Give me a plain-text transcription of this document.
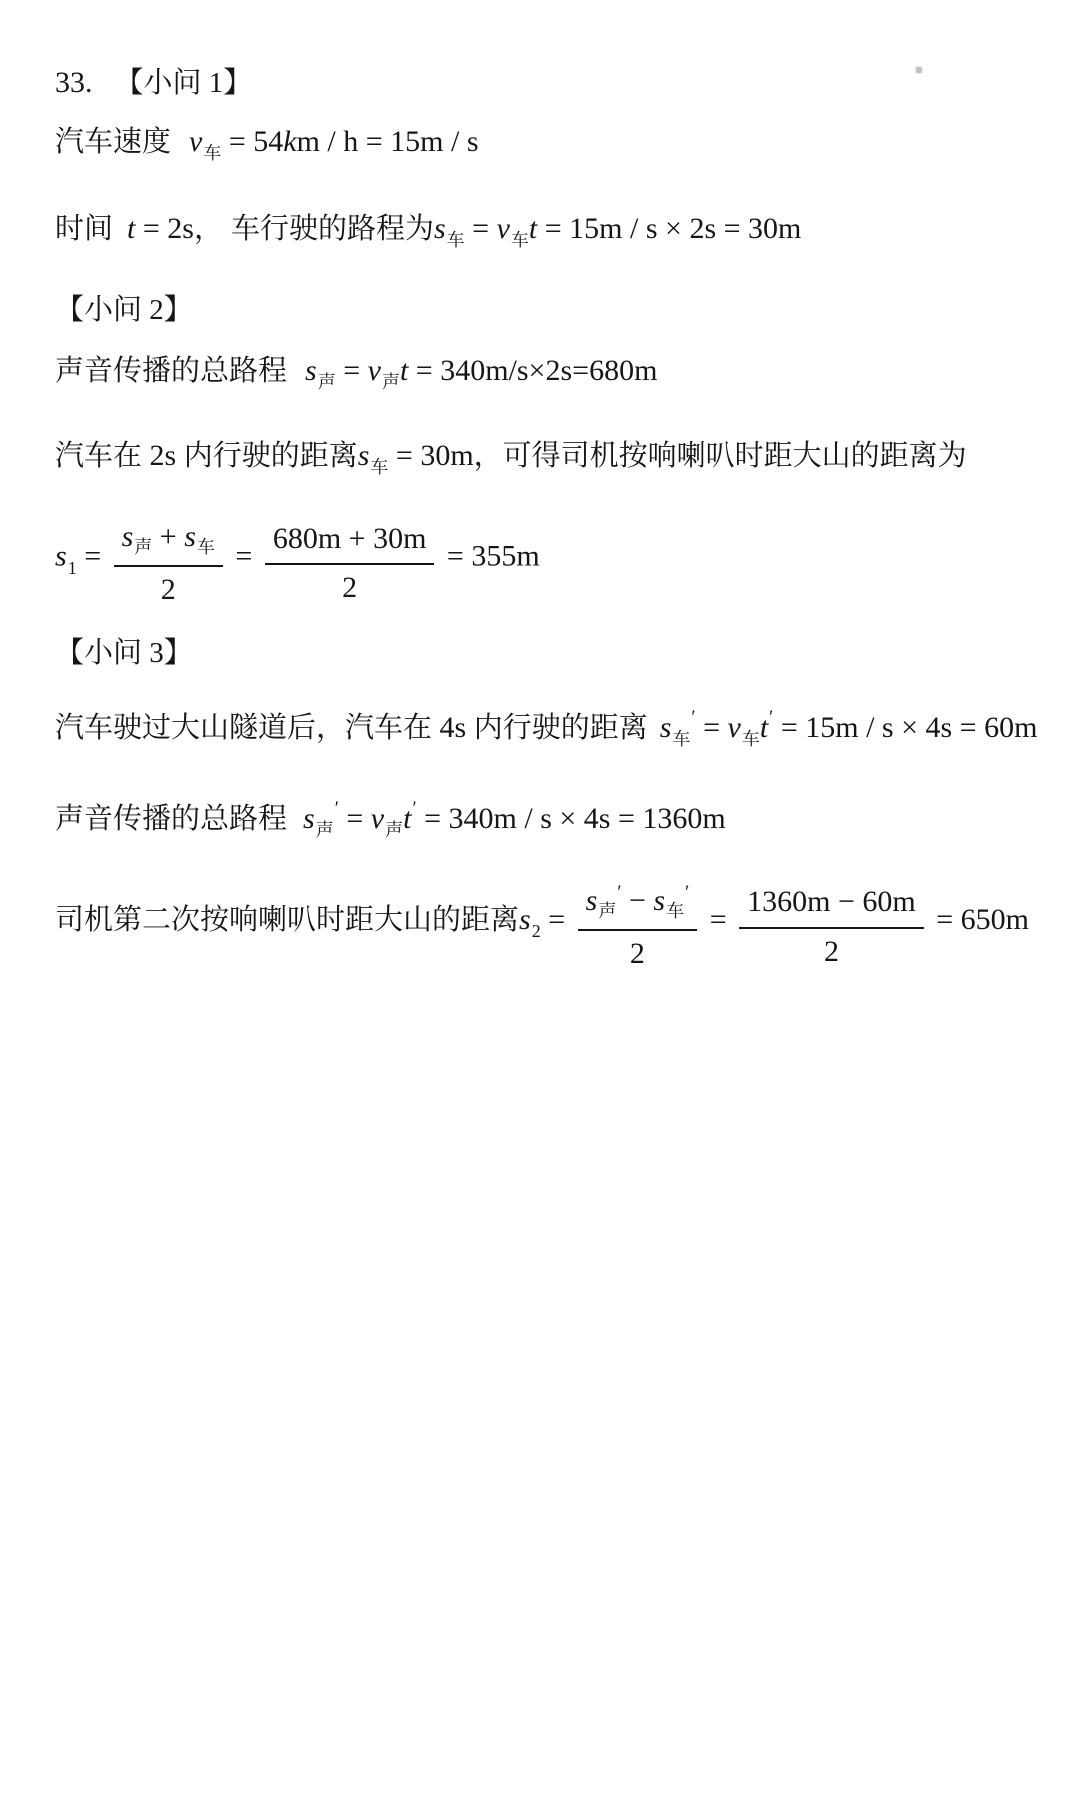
33. 【小问 1】
汽车速度 v车 = 54km / h = 15m / s
时间 t = 2s， 车行驶的路程为s车 = v车t = 15m / s × 2s = 30m
【小问 2】
声音传播的总路程 s声 = v声t = 340m/s×2s=680m
汽车在 2s 内行驶的距离s车 = 30m，可得司机按响喇叭时距大山的距离为
$s1 = \frac{\text{s声 + s车}}{2} = \frac{680m + 30m}{2} = 355m$
【小问 3】
汽车驶过大山隧道后，汽车在 4s 内行驶的距离 s车′ = v车t′ = 15m / s × 4s = 60m
声音传播的总路程 s声′ = v声t′ = 340m / s × 4s = 1360m
司机第二次按响喇叭时距大山的距离$s2 = \frac{\text{s声′ − s车′}}{2} = \frac{1360m - 60m}{2} = 650m$
